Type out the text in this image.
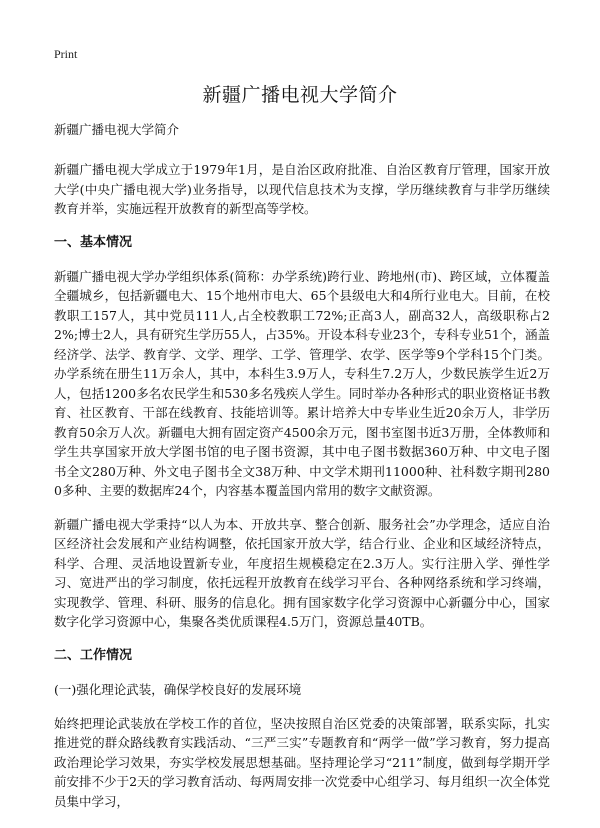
Print
新疆广播电视大学简介

新疆广播电视大学简介

新疆广播电视大学成立于1979年1月，是自治区政府批准、自治区教育厅管理，国家开放大学(中央广播电视大学)业务指导，以现代信息技术为支撑，学历继续教育与非学历继续教育并举，实施远程开放教育的新型高等学校。

一、基本情况

新疆广播电视大学办学组织体系(简称：办学系统)跨行业、跨地州(市)、跨区域，立体覆盖全疆城乡，包括新疆电大、15个地州市电大、65个县级电大和4所行业电大。目前，在校教职工157人，其中党员111人,占全校教职工72%;正高3人，副高32人，高级职称占22%;博士2人，具有研究生学历55人，占35%。开设本科专业23个，专科专业51个，涵盖经济学、法学、教育学、文学、理学、工学、管理学、农学、医学等9个学科15个门类。办学系统在册生11万余人，其中，本科生3.9万人，专科生7.2万人，少数民族学生近2万人，包括1200多名农民学生和530多名残疾人学生。同时举办各种形式的职业资格证书教育、社区教育、干部在线教育、技能培训等。累计培养大中专毕业生近20余万人，非学历教育50余万人次。新疆电大拥有固定资产4500余万元，图书室图书近3万册，全体教师和学生共享国家开放大学图书馆的电子图书资源，其中电子图书数据360万种、中文电子图书全文280万种、外文电子图书全文38万种、中文学术期刊11000种、社科数字期刊2800多种、主要的数据库24个，内容基本覆盖国内常用的数字文献资源。

新疆广播电视大学秉持“以人为本、开放共享、整合创新、服务社会”办学理念，适应自治区经济社会发展和产业结构调整，依托国家开放大学，结合行业、企业和区域经济特点，科学、合理、灵活地设置新专业，年度招生规模稳定在2.3万人。实行注册入学、弹性学习、宽进严出的学习制度，依托远程开放教育在线学习平台、各种网络系统和学习终端，实现教学、管理、科研、服务的信息化。拥有国家数字化学习资源中心新疆分中心，国家数字化学习资源中心，集聚各类优质课程4.5万门，资源总量40TB。

二、工作情况
(一)强化理论武装，确保学校良好的发展环境

始终把理论武装放在学校工作的首位，坚决按照自治区党委的决策部署，联系实际，扎实推进党的群众路线教育实践活动、“三严三实”专题教育和“两学一做”学习教育，努力提高政治理论学习效果，夯实学校发展思想基础。坚持理论学习“211”制度，做到每学期开学前安排不少于2天的学习教育活动、每两周安排一次党委中心组学习、每月组织一次全体党员集中学习，
